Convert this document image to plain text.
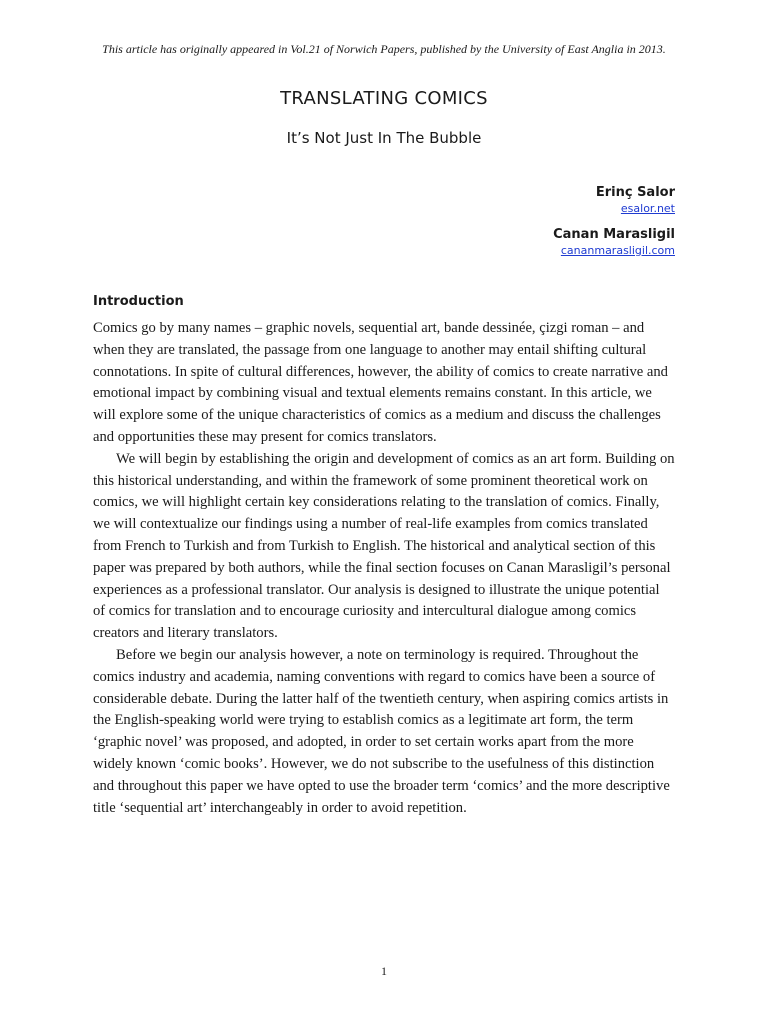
This article has originally appeared in Vol.21 of Norwich Papers, published by the University of East Anglia in 2013.
TRANSLATING COMICS
It’s Not Just In The Bubble
Erinç Salor
esalor.net
Canan Marasligil
cananmarasligil.com
Introduction

Comics go by many names – graphic novels, sequential art, bande dessinée, çizgi roman – and when they are translated, the passage from one language to another may entail shifting cultural connotations. In spite of cultural differences, however, the ability of comics to create narrative and emotional impact by combining visual and textual elements remains constant. In this article, we will explore some of the unique characteristics of comics as a medium and discuss the challenges and opportunities these may present for comics translators.

We will begin by establishing the origin and development of comics as an art form. Building on this historical understanding, and within the framework of some prominent theoretical work on comics, we will highlight certain key considerations relating to the translation of comics. Finally, we will contextualize our findings using a number of real-life examples from comics translated from French to Turkish and from Turkish to English. The historical and analytical section of this paper was prepared by both authors, while the final section focuses on Canan Marasligil’s personal experiences as a professional translator. Our analysis is designed to illustrate the unique potential of comics for translation and to encourage curiosity and intercultural dialogue among comics creators and literary translators.

Before we begin our analysis however, a note on terminology is required. Throughout the comics industry and academia, naming conventions with regard to comics have been a source of considerable debate. During the latter half of the twentieth century, when aspiring comics artists in the English-speaking world were trying to establish comics as a legitimate art form, the term ‘graphic novel’ was proposed, and adopted, in order to set certain works apart from the more widely known ‘comic books’. However, we do not subscribe to the usefulness of this distinction and throughout this paper we have opted to use the broader term ‘comics’ and the more descriptive title ‘sequential art’ interchangeably in order to avoid repetition.

1
